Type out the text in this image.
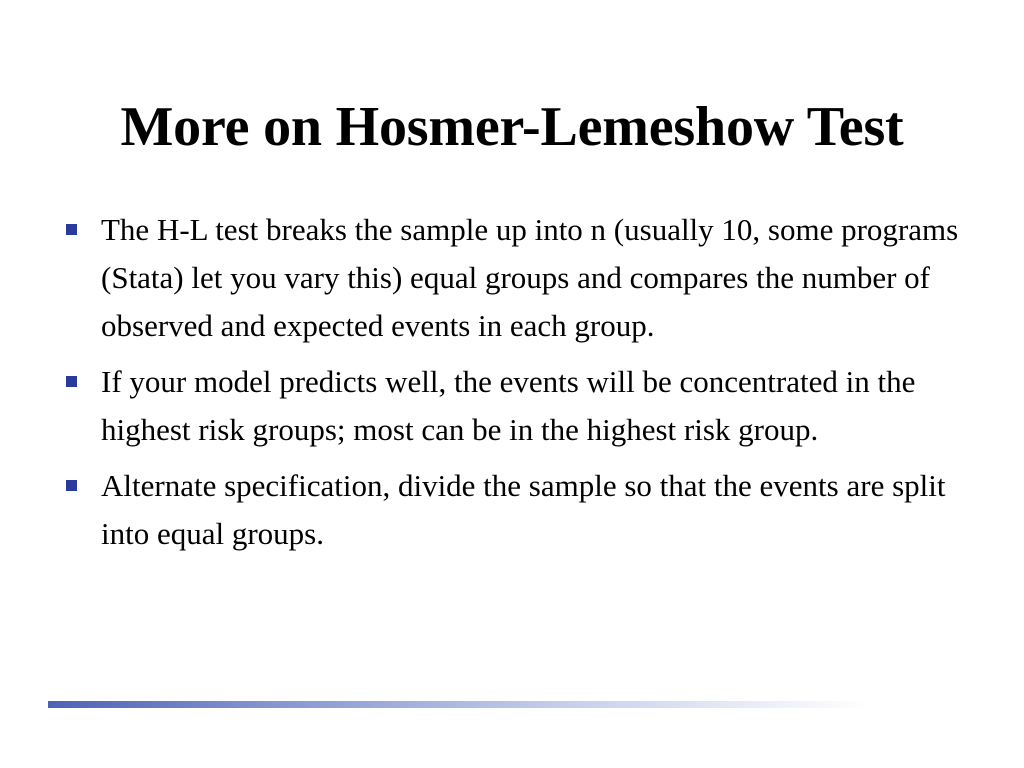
More on Hosmer-Lemeshow Test
The H-L test breaks the sample up into n (usually 10, some programs (Stata) let you vary this) equal groups and compares the number of observed and expected events in each group.
If your model predicts well, the events will be concentrated in the highest risk groups; most can be in the highest risk group.
Alternate specification, divide the sample so that the events are split into equal groups.
